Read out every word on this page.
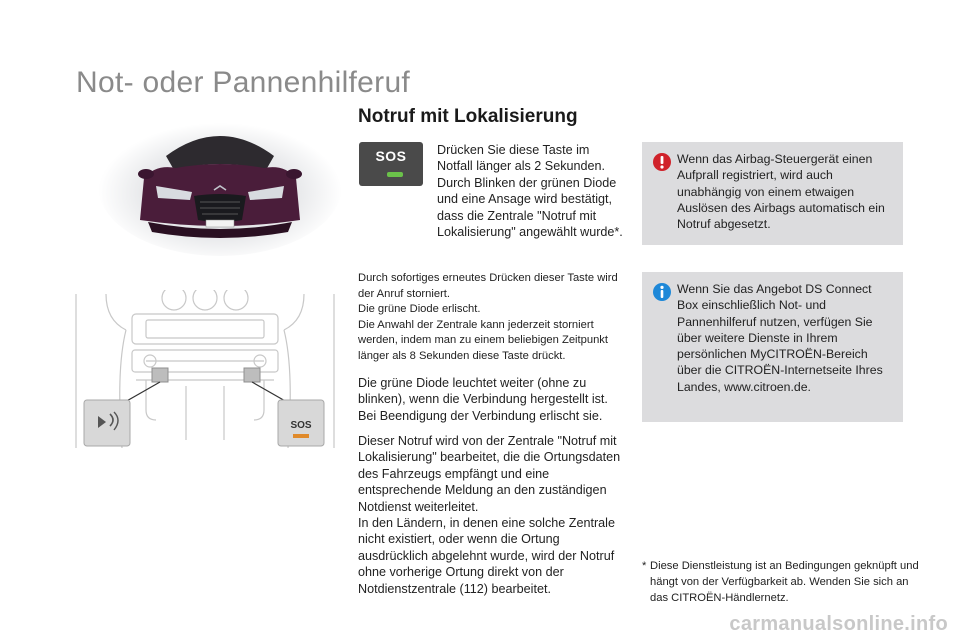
Not- oder Pannenhilferuf
Notruf mit Lokalisierung
SOS	Drücken Sie diese Taste im Notfall länger als 2 Sekunden. Durch Blinken der grünen Diode und eine Ansage wird bestätigt, dass die Zentrale "Notruf mit Lokalisierung" angewählt wurde*.
Durch sofortiges erneutes Drücken dieser Taste wird der Anruf storniert.
Die grüne Diode erlischt.
Die Anwahl der Zentrale kann jederzeit storniert werden, indem man zu einem beliebigen Zeitpunkt länger als 8 Sekunden diese Taste drückt.
Die grüne Diode leuchtet weiter (ohne zu blinken), wenn die Verbindung hergestellt ist. Bei Beendigung der Verbindung erlischt sie.
Dieser Notruf wird von der Zentrale "Notruf mit Lokalisierung" bearbeitet, die die Ortungsdaten des Fahrzeugs empfängt und eine entsprechende Meldung an den zuständigen Notdienst weiterleitet.
In den Ländern, in denen eine solche Zentrale nicht existiert, oder wenn die Ortung ausdrücklich abgelehnt wurde, wird der Notruf ohne vorherige Ortung direkt von der Notdienstzentrale (112) bearbeitet.
SOS
Wenn das Airbag-Steuergerät einen Aufprall registriert, wird auch unabhängig von einem etwaigen Auslösen des Airbags automatisch ein Notruf abgesetzt.
Wenn Sie das Angebot DS Connect Box einschließlich Not- und Pannenhilferuf nutzen, verfügen Sie über weitere Dienste in Ihrem persönlichen MyCITROËN-Bereich über die CITROËN-Internetseite Ihres Landes, www.citroen.de.
* Diese Dienstleistung ist an Bedingungen geknüpft und hängt von der Verfügbarkeit ab. Wenden Sie sich an das CITROËN-Händlernetz.
carmanualsonline.info
